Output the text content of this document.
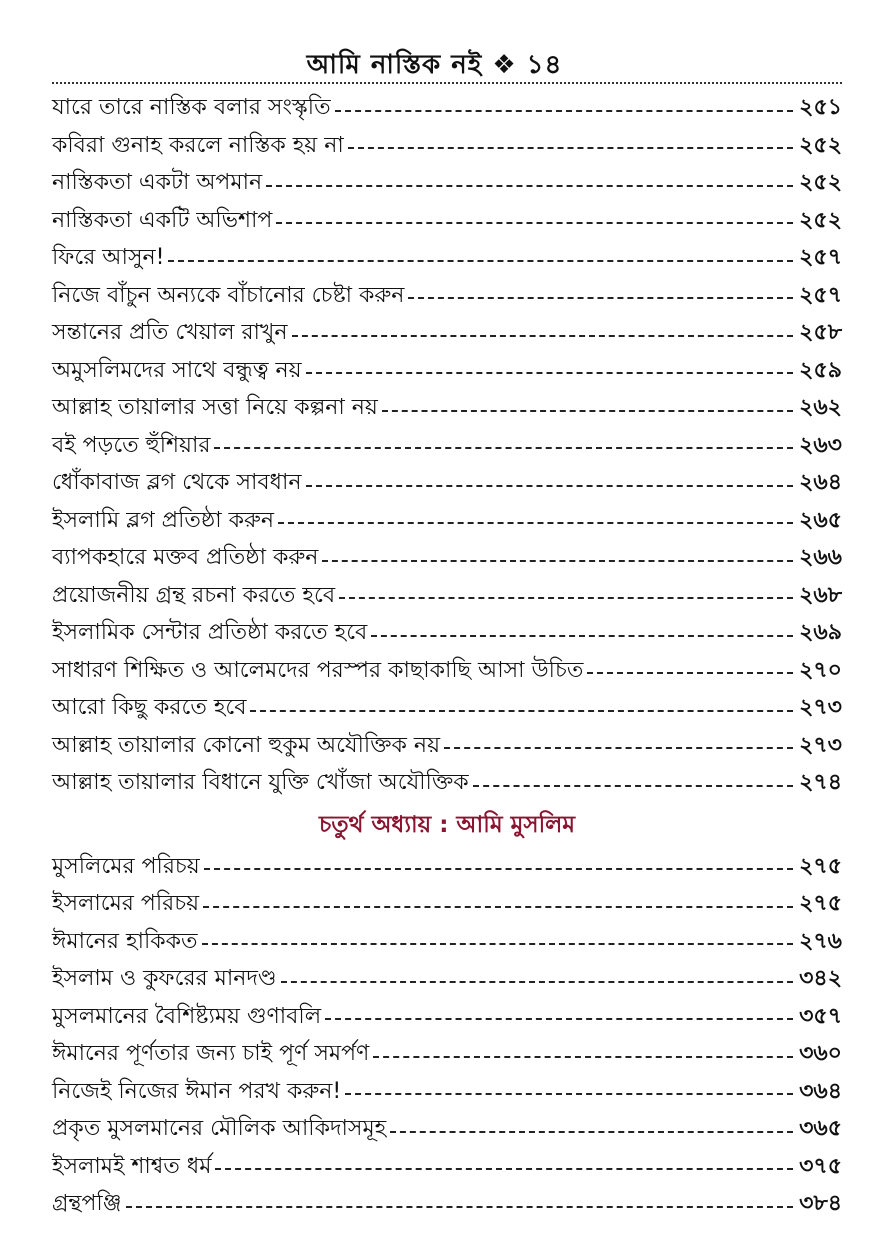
আমি নাস্তিক নই ❖ ১৪
যারে তারে নাস্তিক বলার সংস্কৃতি	২৫১
কবিরা গুনাহ করলে নাস্তিক হয় না	২৫২
নাস্তিকতা একটা অপমান	২৫২
নাস্তিকতা একটি অভিশাপ	২৫২
ফিরে আসুন!	২৫৭
নিজে বাঁচুন অন্যকে বাঁচানোর চেষ্টা করুন	২৫৭
সন্তানের প্রতি খেয়াল রাখুন	২৫৮
অমুসলিমদের সাথে বন্ধুত্ব নয়	২৫৯
আল্লাহ তায়ালার সত্তা নিয়ে কল্পনা নয়	২৬২
বই পড়তে হুঁশিয়ার	২৬৩
ধোঁকাবাজ ব্লগ থেকে সাবধান	২৬৪
ইসলামি ব্লগ প্রতিষ্ঠা করুন	২৬৫
ব্যাপকহারে মক্তব প্রতিষ্ঠা করুন	২৬৬
প্রয়োজনীয় গ্রন্থ রচনা করতে হবে	২৬৮
ইসলামিক সেন্টার প্রতিষ্ঠা করতে হবে	২৬৯
সাধারণ শিক্ষিত ও আলেমদের পরস্পর কাছাকাছি আসা উচিত	২৭০
আরো কিছু করতে হবে	২৭৩
আল্লাহ তায়ালার কোনো হুকুম অযৌক্তিক নয়	২৭৩
আল্লাহ তায়ালার বিধানে যুক্তি খোঁজা অযৌক্তিক	২৭৪
চতুর্থ অধ্যায় : আমি মুসলিম
মুসলিমের পরিচয়	২৭৫
ইসলামের পরিচয়	২৭৫
ঈমানের হাকিকত	২৭৬
ইসলাম ও কুফরের মানদণ্ড	৩৪২
মুসলমানের বৈশিষ্ট্যময় গুণাবলি	৩৫৭
ঈমানের পূর্ণতার জন্য চাই পূর্ণ সমর্পণ	৩৬০
নিজেই নিজের ঈমান পরখ করুন!	৩৬৪
প্রকৃত মুসলমানের মৌলিক আকিদাসমূহ	৩৬৫
ইসলামই শাশ্বত ধর্ম	৩৭৫
গ্রন্থপঞ্জি	৩৮৪
